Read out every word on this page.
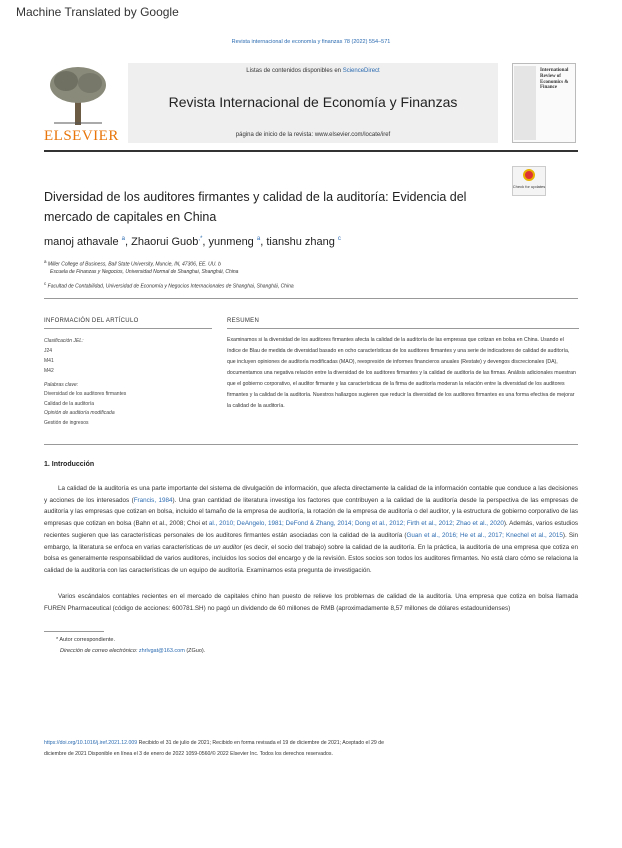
Machine Translated by Google
Revista internacional de economía y finanzas 78 (2022) 554–571
ELSEVIER
Listas de contenidos disponibles en ScienceDirect
Revista Internacional de Economía y Finanzas
página de inicio de la revista: www.elsevier.com/locate/iref
International Review of Economics & Finance
Diversidad de los auditores firmantes y calidad de la auditoría: Evidencia del mercado de capitales en China
Check for updates
manoj athavale $^a$, Zhaorui Guob,*, yunmeng $^a$, tianshu zhang $^c$
$^a$ Miller College of Business, Ball State University, Muncie, IN, 47306, EE. UU. b
Escuela de Finanzas y Negocios, Universidad Normal de Shanghai, Shanghái, China
$^c$ Facultad de Contabilidad, Universidad de Economía y Negocios Internacionales de Shanghai, Shanghái, China
INFORMACIÓN DEL ARTÍCULO
Clasificación JEL:
J24
M41
M42
Palabras clave:
Diversidad de los auditores firmantes
Calidad de la auditoría
Opinión de auditoría modificada
Gestión de ingresos
RESUMEN
Examinamos si la diversidad de los auditores firmantes afecta la calidad de la auditoría de las empresas que cotizan en bolsa en China. Usando el índice de Blau de medida de diversidad basado en ocho características de los auditores firmantes y una serie de indicadores de calidad de auditoría, que incluyen opiniones de auditoría modificadas (MAO), reexpresión de informes financieros anuales (Restate) y devengos discrecionales (DA), documentamos una negativa relación entre la diversidad de los auditores firmantes y la calidad de auditoría de las firmas. Análisis adicionales muestran que el gobierno corporativo, el auditor firmante y las características de la firma de auditoría moderan la relación entre la diversidad de los auditores firmantes y la calidad de la auditoría. Nuestros hallazgos sugieren que reducir la diversidad de los auditores firmantes es una forma efectiva de mejorar la calidad de la auditoría.
1. Introducción
La calidad de la auditoría es una parte importante del sistema de divulgación de información, que afecta directamente la calidad de la información contable que conduce a las decisiones y acciones de los interesados (Francis, 1984). Una gran cantidad de literatura investiga los factores que contribuyen a la calidad de la auditoría desde la perspectiva de las empresas de auditoría y las empresas que cotizan en bolsa, incluido el tamaño de la empresa de auditoría, la rotación de la empresa de auditoría o del auditor, y la estructura de gobierno corporativo de las empresas que cotizan en bolsa (Bahn et al., 2008; Choi et al., 2010; DeAngelo, 1981; DeFond & Zhang, 2014; Dong et al., 2012; Firth et al., 2012; Zhao et al., 2020). Además, varios estudios recientes sugieren que las características personales de los auditores firmantes están asociadas con la calidad de la auditoría (Guan et al., 2016; He et al., 2017; Knechel et al., 2015). Sin embargo, la literatura se enfoca en varias características de un auditor (es decir, el socio del trabajo) sobre la calidad de la auditoría. En la práctica, la auditoría de una empresa que cotiza en bolsa es generalmente responsabilidad de varios auditores, incluidos los socios del encargo y de la revisión. Estos socios son todos los auditores firmantes. No está claro cómo se relaciona la calidad de la auditoría con las características de un equipo de auditoría. Examinamos esta pregunta de investigación.
Varios escándalos contables recientes en el mercado de capitales chino han puesto de relieve los problemas de calidad de la auditoría. Una empresa que cotiza en bolsa llamada FUREN Pharmaceutical (código de acciones: 600781.SH) no pagó un dividendo de 60 millones de RMB (aproximadamente 8,57 millones de dólares estadounidenses)
* Autor correspondiente.
Dirección de correo electrónico: zhrlvgat@163.com (ZGuo).
https://doi.org/10.1016/j.iref.2021.12.009 Recibido el 31 de julio de 2021; Recibido en forma revisada el 19 de diciembre de 2021; Aceptado el 29 de diciembre de 2021 Disponible en línea el 3 de enero de 2022 1059-0560/© 2022 Elsevier Inc. Todos los derechos reservados.
